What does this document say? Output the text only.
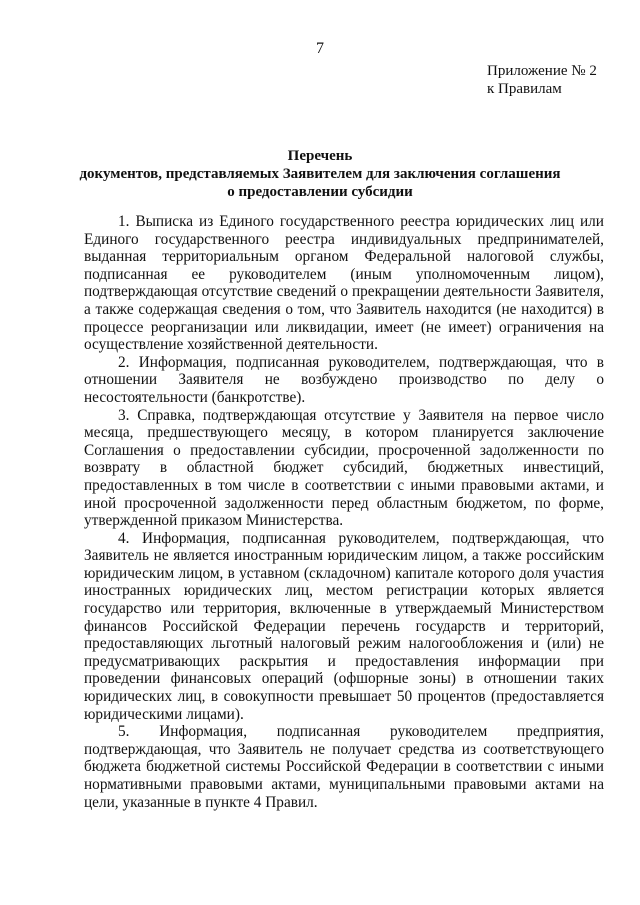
7
Приложение № 2
к Правилам
Перечень
документов, представляемых Заявителем для заключения соглашения
о предоставлении субсидии

1. Выписка из Единого государственного реестра юридических лиц или Единого государственного реестра индивидуальных предпринимателей, выданная территориальным органом Федеральной налоговой службы, подписанная ее руководителем (иным уполномоченным лицом), подтверждающая отсутствие сведений о прекращении деятельности Заявителя, а также содержащая сведения о том, что Заявитель находится (не находится) в процессе реорганизации или ликвидации, имеет (не имеет) ограничения на осуществление хозяйственной деятельности.

2. Информация, подписанная руководителем, подтверждающая, что в отношении Заявителя не возбуждено производство по делу о несостоятельности (банкротстве).

3. Справка, подтверждающая отсутствие у Заявителя на первое число месяца, предшествующего месяцу, в котором планируется заключение Соглашения о предоставлении субсидии, просроченной задолженности по возврату в областной бюджет субсидий, бюджетных инвестиций, предоставленных в том числе в соответствии с иными правовыми актами, и иной просроченной задолженности перед областным бюджетом, по форме, утвержденной приказом Министерства.

4. Информация, подписанная руководителем, подтверждающая, что Заявитель не является иностранным юридическим лицом, а также российским юридическим лицом, в уставном (складочном) капитале которого доля участия иностранных юридических лиц, местом регистрации которых является государство или территория, включенные в утверждаемый Министерством финансов Российской Федерации перечень государств и территорий, предоставляющих льготный налоговый режим налогообложения и (или) не предусматривающих раскрытия и предоставления информации при проведении финансовых операций (офшорные зоны) в отношении таких юридических лиц, в совокупности превышает 50 процентов (предоставляется юридическими лицами).

5. Информация, подписанная руководителем предприятия, подтверждающая, что Заявитель не получает средства из соответствующего бюджета бюджетной системы Российской Федерации в соответствии с иными нормативными правовыми актами, муниципальными правовыми актами на цели, указанные в пункте 4 Правил.
